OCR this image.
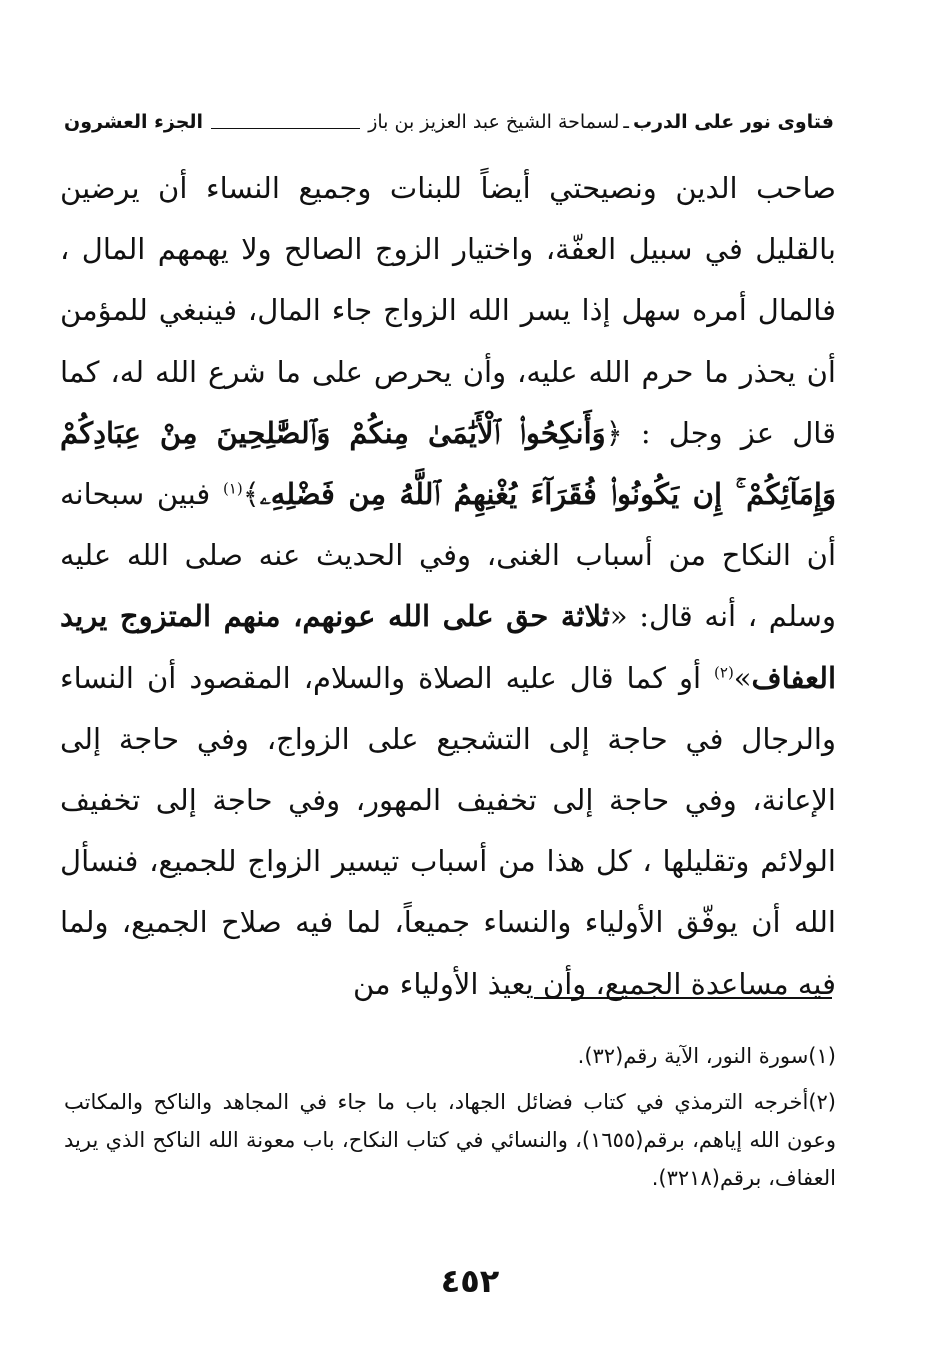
فتاوى نور على الدرب
ـ
لسماحة الشيخ عبد العزيز بن باز
الجزء العشرون

صاحب الدين ونصيحتي أيضاً للبنات وجميع النساء أن يرضين بالقليل في سبيل العفّة، واختيار الزوج الصالح ولا يهمهم المال ، فالمال أمره سهل إذا يسر الله الزواج جاء المال، فينبغي للمؤمن أن يحذر ما حرم الله عليه، وأن يحرص على ما شرع الله له، كما قال عز وجل : ﴿وَأَنكِحُوا۟ ٱلْأَيَٰمَىٰ مِنكُمْ وَٱلصَّٰلِحِينَ مِنْ عِبَادِكُمْ وَإِمَآئِكُمْ ۚ إِن يَكُونُوا۟ فُقَرَآءَ يُغْنِهِمُ ٱللَّهُ مِن فَضْلِهِۦ﴾$^{(١)}$ فبين سبحانه أن النكاح من أسباب الغنى، وفي الحديث عنه صلى الله عليه وسلم ، أنه قال: «ثلاثة حق على الله عونهم، منهم المتزوج يريد العفاف»$^{(٢)}$ أو كما قال عليه الصلاة والسلام، المقصود أن النساء والرجال في حاجة إلى التشجيع على الزواج، وفي حاجة إلى الإعانة، وفي حاجة إلى تخفيف المهور، وفي حاجة إلى تخفيف الولائم وتقليلها ، كل هذا من أسباب تيسير الزواج للجميع، فنسأل الله أن يوفّق الأولياء والنساء جميعاً، لما فيه صلاح الجميع، ولما فيه مساعدة الجميع، وأن يعيذ الأولياء من

(١)سورة النور، الآية رقم(٣٢).

(٢)أخرجه الترمذي في كتاب فضائل الجهاد، باب ما جاء في المجاهد والناكح والمكاتب وعون الله إياهم، برقم(١٦٥٥)، والنسائي في كتاب النكاح، باب معونة الله الناكح الذي يريد العفاف، برقم(٣٢١٨).

٤٥٢
